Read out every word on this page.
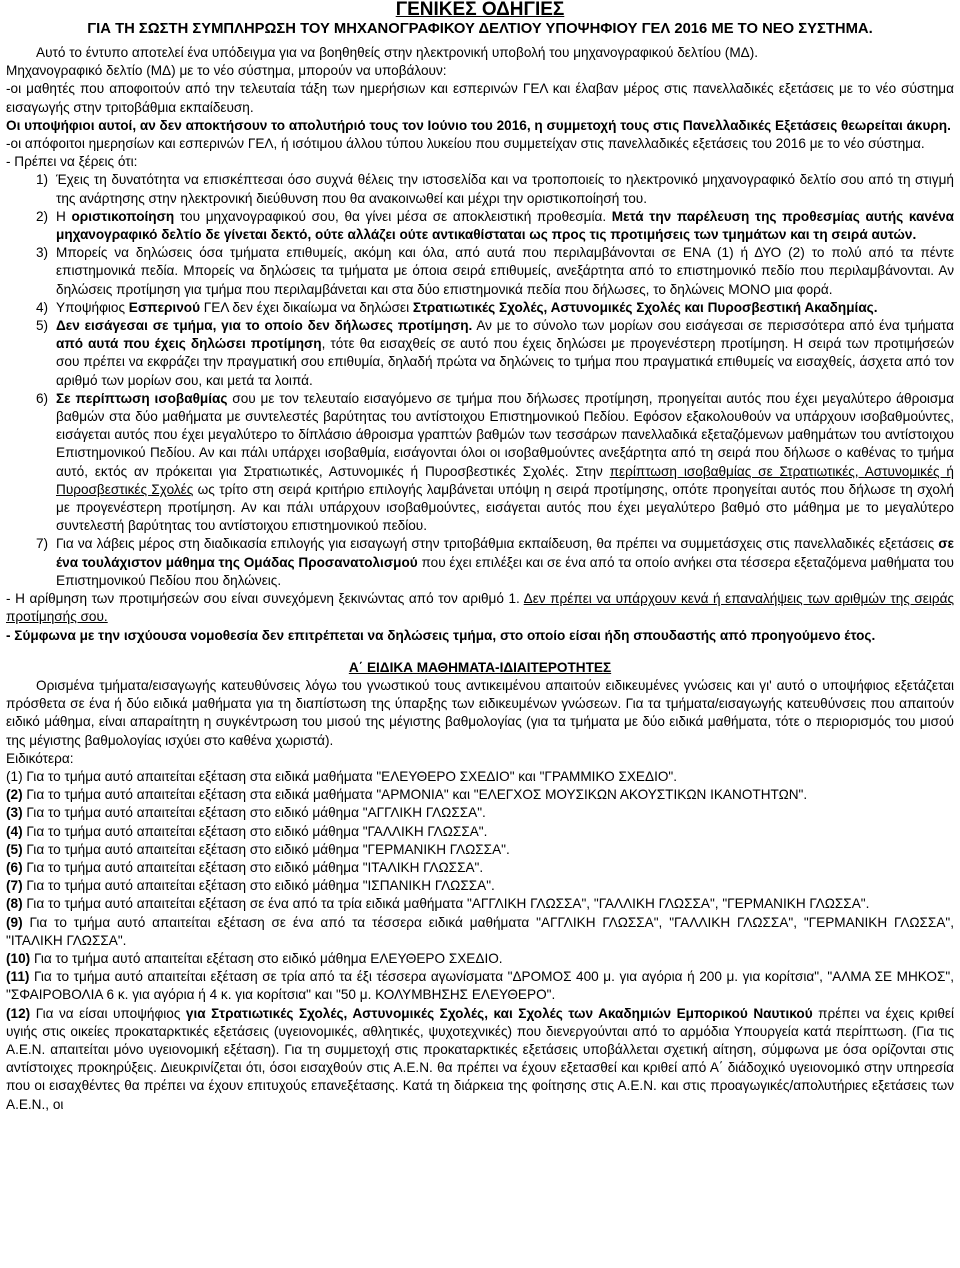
ΓΕΝΙΚΕΣ ΟΔΗΓΙΕΣ
ΓΙΑ ΤΗ ΣΩΣΤΗ ΣΥΜΠΛΗΡΩΣΗ ΤΟΥ ΜΗΧΑΝΟΓΡΑΦΙΚΟΥ ΔΕΛΤΙΟΥ ΥΠΟΨΗΦΙΟΥ ΓΕΛ 2016 ΜΕ ΤΟ ΝΕΟ ΣΥΣΤΗΜΑ.

Αυτό το έντυπο αποτελεί ένα υπόδειγμα για να βοηθηθείς στην ηλεκτρονική υποβολή του μηχανογραφικού δελτίου (ΜΔ).

Μηχανογραφικό δελτίο (ΜΔ) με το νέο σύστημα, μπορούν να υποβάλουν:

-οι μαθητές που αποφοιτούν από την τελευταία τάξη των ημερήσιων και εσπερινών ΓΕΛ και έλαβαν μέρος στις πανελλαδικές εξετάσεις με το νέο σύστημα εισαγωγής στην τριτοβάθμια εκπαίδευση.

Οι υποψήφιοι αυτοί, αν δεν αποκτήσουν το απολυτήριό τους τον Ιούνιο του 2016, η συμμετοχή τους στις Πανελλαδικές Εξετάσεις θεωρείται άκυρη.

-οι απόφοιτοι ημερησίων και εσπερινών ΓΕΛ, ή ισότιμου άλλου τύπου λυκείου που συμμετείχαν στις πανελλαδικές εξετάσεις του 2016 με το νέο σύστημα.

- Πρέπει να ξέρεις ότι:

1) Έχεις τη δυνατότητα να επισκέπτεσαι όσο συχνά θέλεις την ιστοσελίδα και να τροποποιείς το ηλεκτρονικό μηχανογραφικό δελτίο σου από τη στιγμή της ανάρτησης στην ηλεκτρονική διεύθυνση που θα ανακοινωθεί και μέχρι την οριστικοποίησή του.
2) Η οριστικοποίηση του μηχανογραφικού σου, θα γίνει μέσα σε αποκλειστική προθεσμία. Μετά την παρέλευση της προθεσμίας αυτής κανένα μηχανογραφικό δελτίο δε γίνεται δεκτό, ούτε αλλάζει ούτε αντικαθίσταται ως προς τις προτιμήσεις των τμημάτων και τη σειρά αυτών.
3) Μπορείς να δηλώσεις όσα τμήματα επιθυμείς, ακόμη και όλα, από αυτά που περιλαμβάνονται σε ΕΝΑ (1) ή ΔΥΟ (2) το πολύ από τα πέντε επιστημονικά πεδία. Μπορείς να δηλώσεις τα τμήματα με όποια σειρά επιθυμείς, ανεξάρτητα από το επιστημονικό πεδίο που περιλαμβάνονται. Αν δηλώσεις προτίμηση για τμήμα που περιλαμβάνεται και στα δύο επιστημονικά πεδία που δήλωσες, το δηλώνεις ΜΟΝΟ μια φορά.
4) Υποψήφιος Εσπερινού ΓΕΛ δεν έχει δικαίωμα να δηλώσει Στρατιωτικές Σχολές, Αστυνομικές Σχολές και Πυροσβεστική Ακαδημίας.
5) Δεν εισάγεσαι σε τμήμα, για το οποίο δεν δήλωσες προτίμηση. Αν με το σύνολο των μορίων σου εισάγεσαι σε περισσότερα από ένα τμήματα από αυτά που έχεις δηλώσει προτίμηση, τότε θα εισαχθείς σε αυτό που έχεις δηλώσει με προγενέστερη προτίμηση. Η σειρά των προτιμήσεών σου πρέπει να εκφράζει την πραγματική σου επιθυμία, δηλαδή πρώτα να δηλώνεις το τμήμα που πραγματικά επιθυμείς να εισαχθείς, άσχετα από τον αριθμό των μορίων σου, και μετά τα λοιπά.
6) Σε περίπτωση ισοβαθμίας σου με τον τελευταίο εισαγόμενο σε τμήμα που δήλωσες προτίμηση, προηγείται αυτός που έχει μεγαλύτερο άθροισμα βαθμών στα δύο μαθήματα με συντελεστές βαρύτητας του αντίστοιχου Επιστημονικού Πεδίου. Εφόσον εξακολουθούν να υπάρχουν ισοβαθμούντες, εισάγεται αυτός που έχει μεγαλύτερο το δίπλάσιο άθροισμα γραπτών βαθμών των τεσσάρων πανελλαδικά εξεταζόμενων μαθημάτων του αντίστοιχου Επιστημονικού Πεδίου. Αν και πάλι υπάρχει ισοβαθμία, εισάγονται όλοι οι ισοβαθμούντες ανεξάρτητα από τη σειρά που δήλωσε ο καθένας το τμήμα αυτό, εκτός αν πρόκειται για Στρατιωτικές, Αστυνομικές ή Πυροσβεστικές Σχολές. Στην περίπτωση ισοβαθμίας σε Στρατιωτικές, Αστυνομικές ή Πυροσβεστικές Σχολές ως τρίτο στη σειρά κριτήριο επιλογής λαμβάνεται υπόψη η σειρά προτίμησης, οπότε προηγείται αυτός που δήλωσε τη σχολή με προγενέστερη προτίμηση. Αν και πάλι υπάρχουν ισοβαθμούντες, εισάγεται αυτός που έχει μεγαλύτερο βαθμό στο μάθημα με το μεγαλύτερο συντελεστή βαρύτητας του αντίστοιχου επιστημονικού πεδίου.
7) Για να λάβεις μέρος στη διαδικασία επιλογής για εισαγωγή στην τριτοβάθμια εκπαίδευση, θα πρέπει να συμμετάσχεις στις πανελλαδικές εξετάσεις σε ένα τουλάχιστον μάθημα της Ομάδας Προσανατολισμού που έχει επιλέξει και σε ένα από τα οποίο ανήκει στα τέσσερα εξεταζόμενα μαθήματα του Επιστημονικού Πεδίου που δηλώνεις.

- Η αρίθμηση των προτιμήσεών σου είναι συνεχόμενη ξεκινώντας από τον αριθμό 1. Δεν πρέπει να υπάρχουν κενά ή επαναλήψεις των αριθμών της σειράς προτίμησής σου.

- Σύμφωνα με την ισχύουσα νομοθεσία δεν επιτρέπεται να δηλώσεις τμήμα, στο οποίο είσαι ήδη σπουδαστής από προηγούμενο έτος.

Α΄ ΕΙΔΙΚΑ ΜΑΘΗΜΑΤΑ-ΙΔΙΑΙΤΕΡΟΤΗΤΕΣ

Ορισμένα τμήματα/εισαγωγής κατευθύνσεις λόγω του γνωστικού τους αντικειμένου απαιτούν ειδικευμένες γνώσεις και γι' αυτό ο υποψήφιος εξετάζεται πρόσθετα σε ένα ή δύο ειδικά μαθήματα για τη διαπίστωση της ύπαρξης των ειδικευμένων γνώσεων. Για τα τμήματα/εισαγωγής κατευθύνσεις που απαιτούν ειδικό μάθημα, είναι απαραίτητη η συγκέντρωση του μισού της μέγιστης βαθμολογίας (για τα τμήματα με δύο ειδικά μαθήματα, τότε ο περιορισμός του μισού της μέγιστης βαθμολογίας ισχύει στο καθένα χωριστά).

Ειδικότερα:

(1) Για το τμήμα αυτό απαιτείται εξέταση στα ειδικά μαθήματα "ΕΛΕΥΘΕΡΟ ΣΧΕΔΙΟ" και "ΓΡΑΜΜΙΚΟ ΣΧΕΔΙΟ".

(2) Για το τμήμα αυτό απαιτείται εξέταση στα ειδικά μαθήματα "ΑΡΜΟΝΙΑ" και "ΕΛΕΓΧΟΣ ΜΟΥΣΙΚΩΝ ΑΚΟΥΣΤΙΚΩΝ ΙΚΑΝΟΤΗΤΩΝ".

(3) Για το τμήμα αυτό απαιτείται εξέταση στο ειδικό μάθημα "ΑΓΓΛΙΚΗ ΓΛΩΣΣΑ".

(4) Για το τμήμα αυτό απαιτείται εξέταση στο ειδικό μάθημα "ΓΑΛΛΙΚΗ ΓΛΩΣΣΑ".

(5) Για το τμήμα αυτό απαιτείται εξέταση στο ειδικό μάθημα "ΓΕΡΜΑΝΙΚΗ ΓΛΩΣΣΑ".

(6) Για το τμήμα αυτό απαιτείται εξέταση στο ειδικό μάθημα "ΙΤΑΛΙΚΗ ΓΛΩΣΣΑ".

(7) Για το τμήμα αυτό απαιτείται εξέταση στο ειδικό μάθημα "ΙΣΠΑΝΙΚΗ ΓΛΩΣΣΑ".

(8) Για το τμήμα αυτό απαιτείται εξέταση σε ένα από τα τρία ειδικά μαθήματα "ΑΓΓΛΙΚΗ ΓΛΩΣΣΑ", "ΓΑΛΛΙΚΗ ΓΛΩΣΣΑ", "ΓΕΡΜΑΝΙΚΗ ΓΛΩΣΣΑ".

(9) Για το τμήμα αυτό απαιτείται εξέταση σε ένα από τα τέσσερα ειδικά μαθήματα "ΑΓΓΛΙΚΗ ΓΛΩΣΣΑ", "ΓΑΛΛΙΚΗ ΓΛΩΣΣΑ", "ΓΕΡΜΑΝΙΚΗ ΓΛΩΣΣΑ", "ΙΤΑΛΙΚΗ ΓΛΩΣΣΑ".

(10) Για το τμήμα αυτό απαιτείται εξέταση στο ειδικό μάθημα ΕΛΕΥΘΕΡΟ ΣΧΕΔΙΟ.

(11) Για το τμήμα αυτό απαιτείται εξέταση σε τρία από τα έξι τέσσερα αγωνίσματα "ΔΡΟΜΟΣ 400 μ. για αγόρια ή 200 μ. για κορίτσια", "ΑΛΜΑ ΣΕ ΜΗΚΟΣ", "ΣΦΑΙΡΟΒΟΛΙΑ 6 κ. για αγόρια ή 4 κ. για κορίτσια" και "50 μ. ΚΟΛΥΜΒΗΣΗΣ ΕΛΕΥΘΕΡΟ".

(12) Για να είσαι υποψήφιος για Στρατιωτικές Σχολές, Αστυνομικές Σχολές, και Σχολές των Ακαδημιών Εμπορικού Ναυτικού πρέπει να έχεις κριθεί υγιής στις οικείες προκαταρκτικές εξετάσεις (υγειονομικές, αθλητικές, ψυχοτεχνικές) που διενεργούνται από το αρμόδια Υπουργεία κατά περίπτωση. (Για τις Α.Ε.Ν. απαιτείται μόνο υγειονομική εξέταση). Για τη συμμετοχή στις προκαταρκτικές εξετάσεις υποβάλλεται σχετική αίτηση, σύμφωνα με όσα ορίζονται στις αντίστοιχες προκηρύξεις. Διευκρινίζεται ότι, όσοι εισαχθούν στις Α.Ε.Ν. θα πρέπει να έχουν εξετασθεί και κριθεί από Α΄ διάδοχικό υγειονομικό στην υπηρεσία που οι εισαχθέντες θα πρέπει να έχουν επιτυχούς επανεξέτασης. Κατά τη διάρκεια της φοίτησης στις Α.Ε.Ν. και στις προαγωγικές/απολυτήριες εξετάσεις των Α.Ε.Ν., οι
